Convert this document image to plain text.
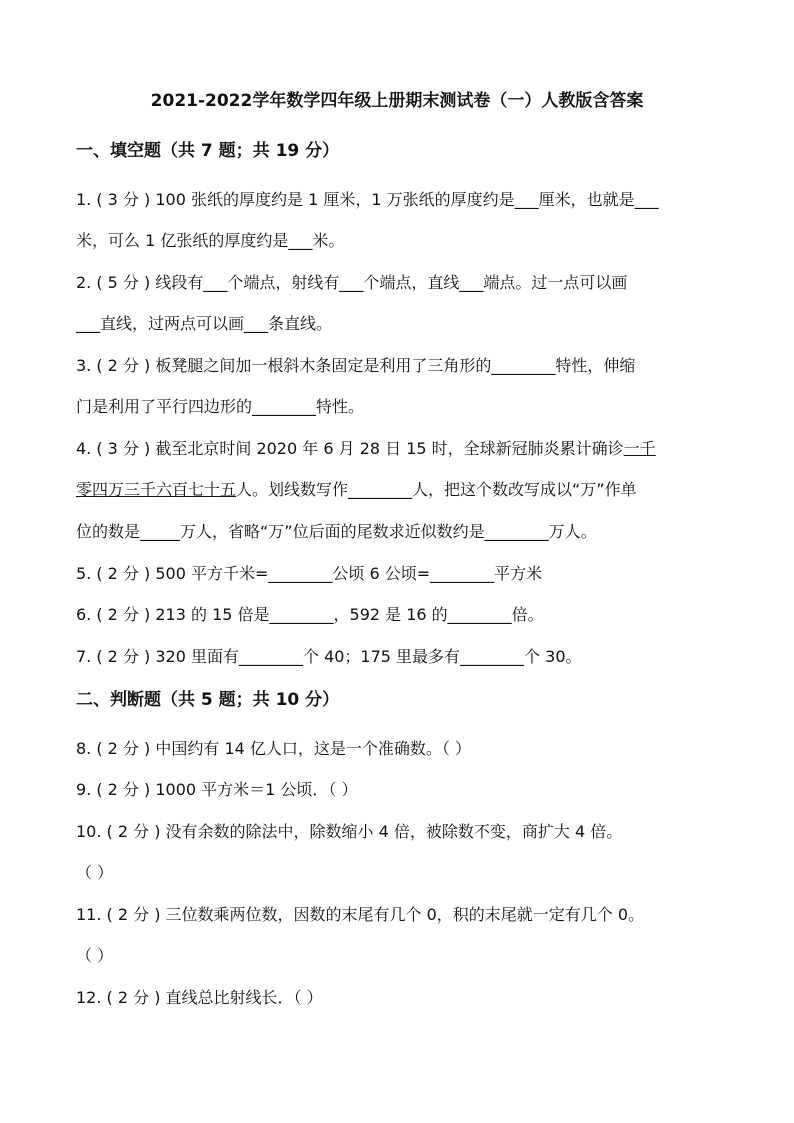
2021-2022学年数学四年级上册期末测试卷（一）人教版含答案
一、填空题（共 7 题；共 19 分）
1. ( 3 分 ) 100 张纸的厚度约是 1 厘米，1 万张纸的厚度约是___厘米，也就是___
米，可么 1 亿张纸的厚度约是___米。
2. ( 5 分 ) 线段有___个端点，射线有___个端点，直线___端点。过一点可以画
___直线，过两点可以画___条直线。
3. ( 2 分 ) 板凳腿之间加一根斜木条固定是利用了三角形的________特性，伸缩
门是利用了平行四边形的________特性。
4. ( 3 分 ) 截至北京时间 2020 年 6 月 28 日 15 时，全球新冠肺炎累计确诊一千
零四万三千六百七十五人。划线数写作________人，把这个数改写成以“万”作单
位的数是_____万人，省略“万”位后面的尾数求近似数约是________万人。
5. ( 2 分 ) 500 平方千米=________公顷 6 公顷=________平方米
6. ( 2 分 ) 213 的 15 倍是________，592 是 16 的________倍。
7. ( 2 分 ) 320 里面有________个 40；175 里最多有________个 30。
二、判断题（共 5 题；共 10 分）
8. ( 2 分 ) 中国约有 14 亿人口，这是一个准确数。（ ）
9. ( 2 分 ) 1000 平方米＝1 公顷．（ ）
10. ( 2 分 ) 没有余数的除法中，除数缩小 4 倍，被除数不变，商扩大 4 倍。
（ ）
11. ( 2 分 ) 三位数乘两位数，因数的末尾有几个 0，积的末尾就一定有几个 0。
（ ）
12. ( 2 分 ) 直线总比射线长．（ ）
